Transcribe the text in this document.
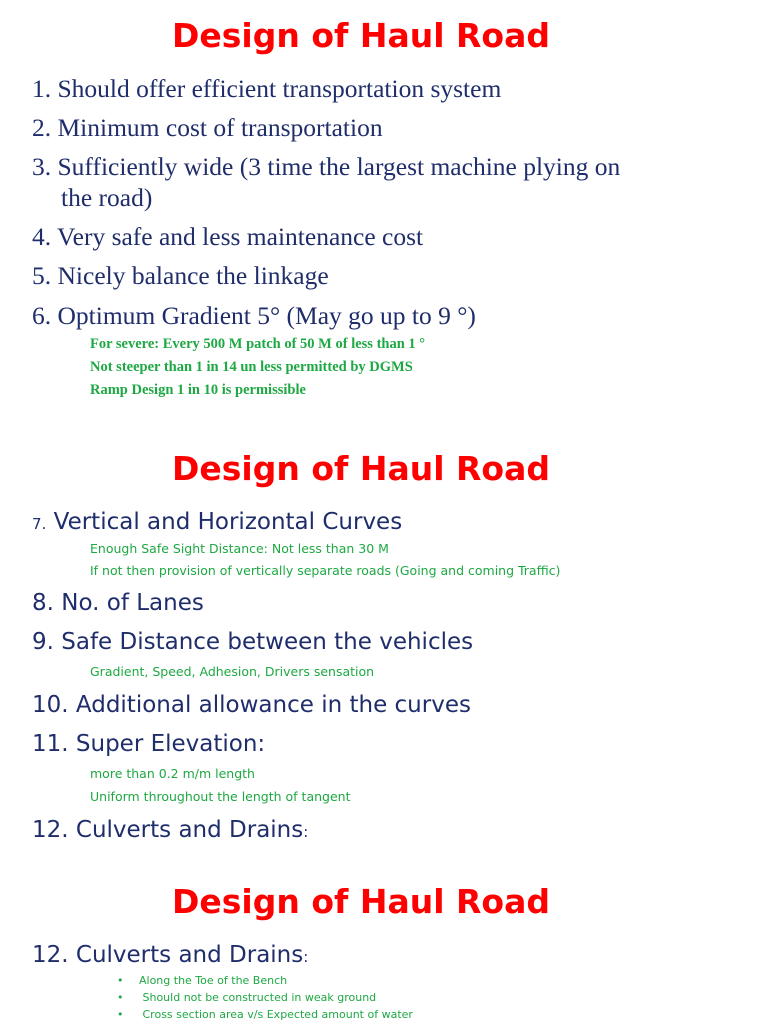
Design of Haul Road

1. Should offer efficient transportation system

2. Minimum cost of transportation

3. Sufficiently wide (3 time the largest machine plying on

the road)

4. Very safe and less maintenance cost

5. Nicely balance the linkage

6. Optimum Gradient 5° (May go up to 9 °)

For severe: Every 500 M patch of 50 M of less than 1 °

Not steeper than 1 in 14 un less permitted by DGMS

Ramp Design 1 in 10 is permissible

Design of Haul Road

7. Vertical and Horizontal Curves

Enough Safe Sight Distance: Not less than 30 M

If not then provision of vertically separate roads (Going and coming Traffic)

8. No. of Lanes

9. Safe Distance between the vehicles

Gradient, Speed, Adhesion, Drivers sensation

10. Additional allowance in the curves

11. Super Elevation:

more than 0.2 m/m length

Uniform throughout the length of tangent

12. Culverts and Drains:

Design of Haul Road

12. Culverts and Drains:

• Along the Toe of the Bench

• Should not be constructed in weak ground

• Cross section area v/s Expected amount of water
